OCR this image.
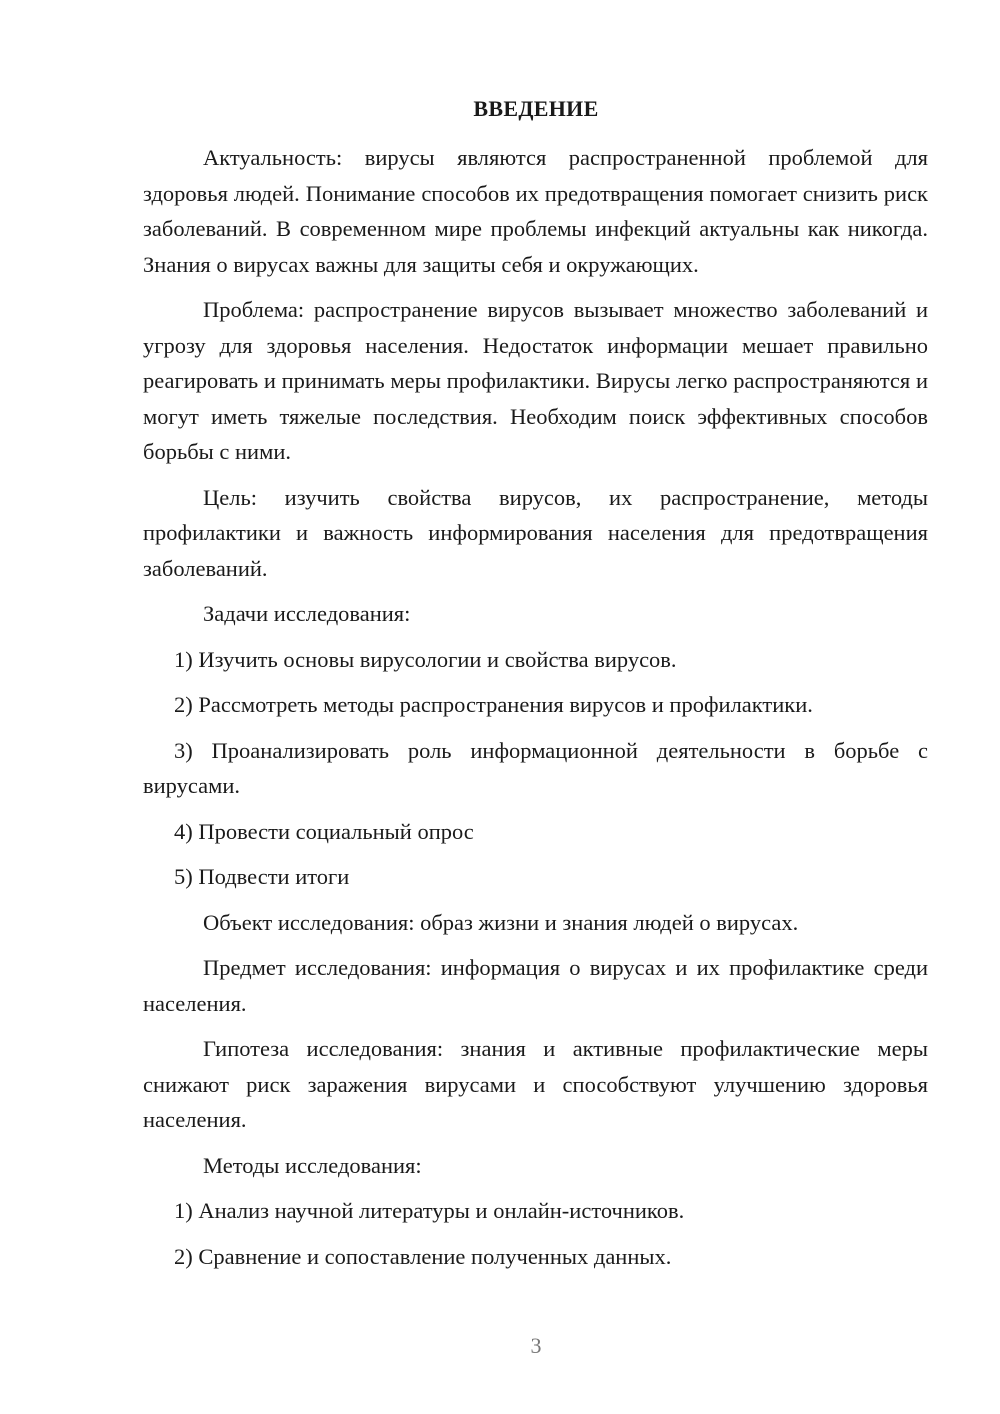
ВВЕДЕНИЕ

Актуальность: вирусы являются распространенной проблемой для здоровья людей. Понимание способов их предотвращения помогает снизить риск заболеваний. В современном мире проблемы инфекций актуальны как никогда. Знания о вирусах важны для защиты себя и окружающих.

Проблема: распространение вирусов вызывает множество заболеваний и угрозу для здоровья населения. Недостаток информации мешает правильно реагировать и принимать меры профилактики. Вирусы легко распространяются и могут иметь тяжелые последствия. Необходим поиск эффективных способов борьбы с ними.

Цель: изучить свойства вирусов, их распространение, методы профилактики и важность информирования населения для предотвращения заболеваний.

Задачи исследования:

1) Изучить основы вирусологии и свойства вирусов.

2) Рассмотреть методы распространения вирусов и профилактики.

3) Проанализировать роль информационной деятельности в борьбе с вирусами.

4) Провести социальный опрос

5) Подвести итоги

Объект исследования: образ жизни и знания людей о вирусах.

Предмет исследования: информация о вирусах и их профилактике среди населения.

Гипотеза исследования: знания и активные профилактические меры снижают риск заражения вирусами и способствуют улучшению здоровья населения.

Методы исследования:

1) Анализ научной литературы и онлайн-источников.

2) Сравнение и сопоставление полученных данных.

3
